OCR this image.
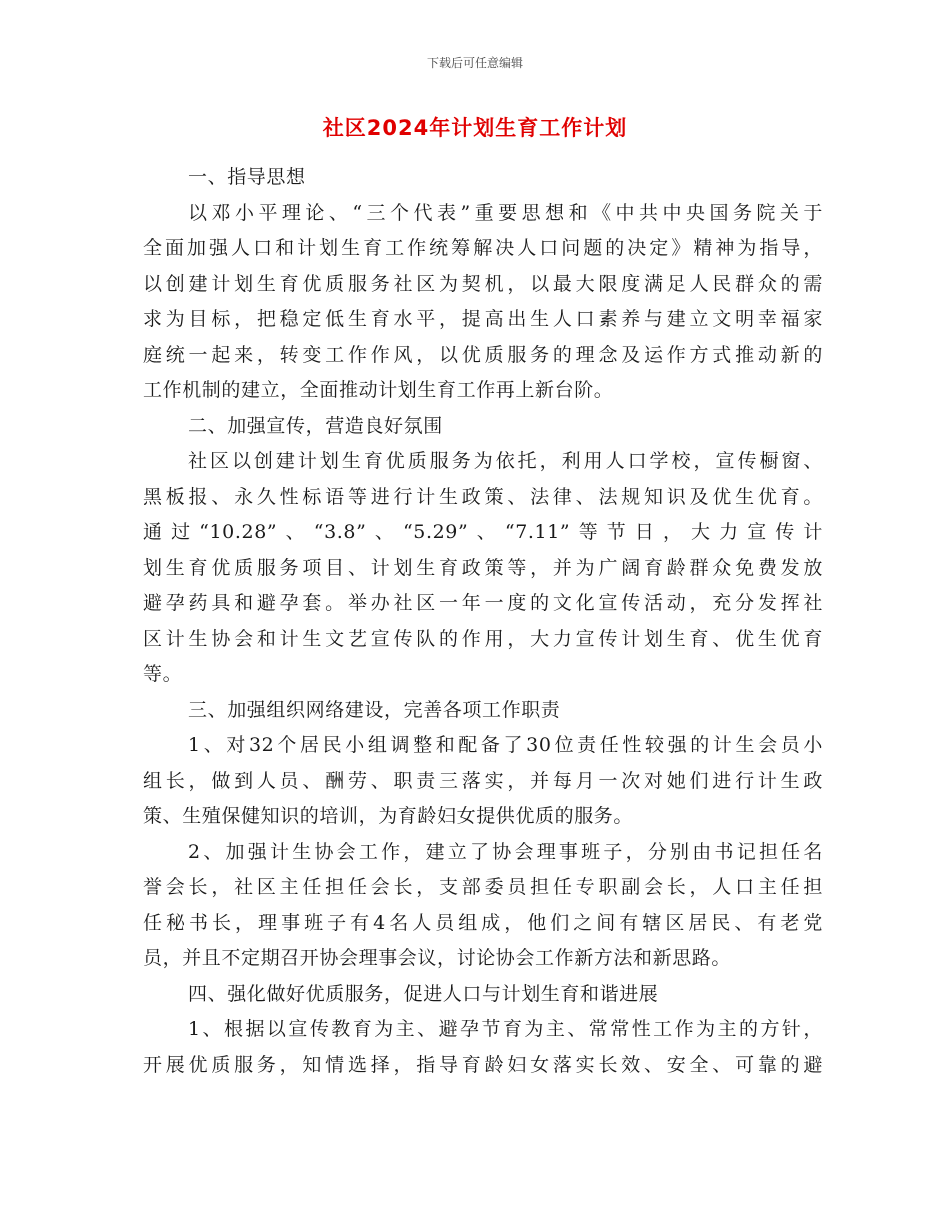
下载后可任意编辑
社区2024年计划生育工作计划
一、指导思想
以邓小平理论、“三个代表”重要思想和《中共中央国务院关于
全面加强人口和计划生育工作统筹解决人口问题的决定》精神为指导，
以创建计划生育优质服务社区为契机，以最大限度满足人民群众的需
求为目标，把稳定低生育水平，提高出生人口素养与建立文明幸福家
庭统一起来，转变工作作风，以优质服务的理念及运作方式推动新的
工作机制的建立，全面推动计划生育工作再上新台阶。
二、加强宣传，营造良好氛围
社区以创建计划生育优质服务为依托，利用人口学校，宣传橱窗、
黑板报、永久性标语等进行计生政策、法律、法规知识及优生优育。
通过“10.28”、“3.8”、“5.29”、“7.11”等节日，大力宣传计
划生育优质服务项目、计划生育政策等，并为广阔育龄群众免费发放
避孕药具和避孕套。举办社区一年一度的文化宣传活动，充分发挥社
区计生协会和计生文艺宣传队的作用，大力宣传计划生育、优生优育
等。
三、加强组织网络建设，完善各项工作职责
1、对32个居民小组调整和配备了30位责任性较强的计生会员小
组长，做到人员、酬劳、职责三落实，并每月一次对她们进行计生政
策、生殖保健知识的培训，为育龄妇女提供优质的服务。
2、加强计生协会工作，建立了协会理事班子，分别由书记担任名
誉会长，社区主任担任会长，支部委员担任专职副会长，人口主任担
任秘书长，理事班子有4名人员组成，他们之间有辖区居民、有老党
员，并且不定期召开协会理事会议，讨论协会工作新方法和新思路。
四、强化做好优质服务，促进人口与计划生育和谐进展
1、根据以宣传教育为主、避孕节育为主、常常性工作为主的方针，
开展优质服务，知情选择，指导育龄妇女落实长效、安全、可靠的避
